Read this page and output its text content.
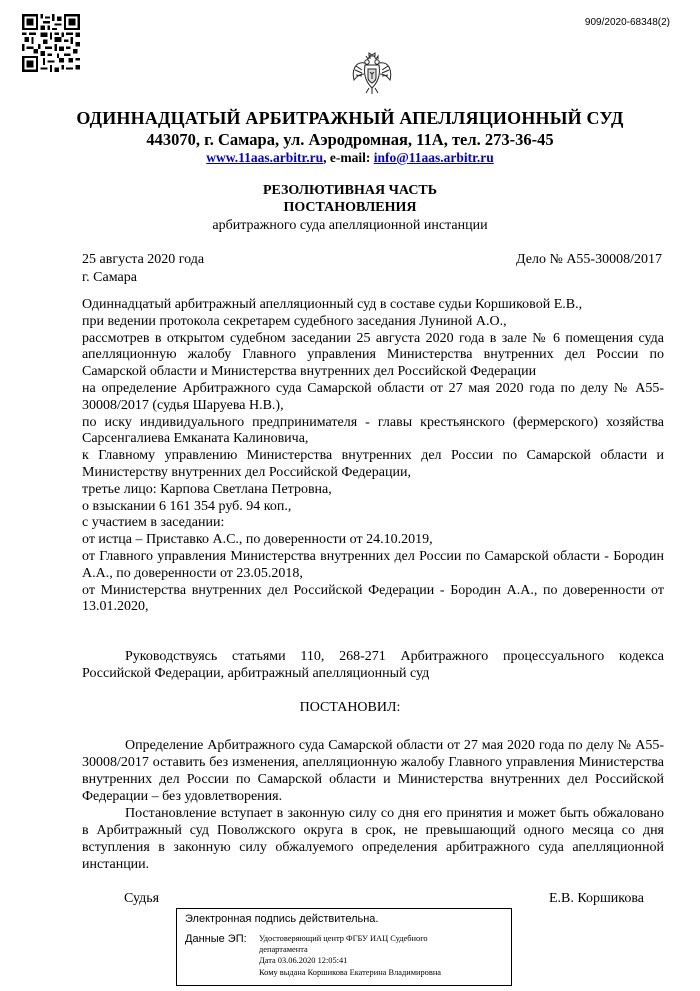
909/2020-68348(2)
ОДИННАДЦАТЫЙ АРБИТРАЖНЫЙ АПЕЛЛЯЦИОННЫЙ СУД
443070, г. Самара, ул. Аэродромная, 11А, тел. 273-36-45
www.11aas.arbitr.ru, e-mail: info@11aas.arbitr.ru
РЕЗОЛЮТИВНАЯ ЧАСТЬ
ПОСТАНОВЛЕНИЯ
арбитражного суда апелляционной инстанции
25 августа 2020 года
г. Самара
Дело № А55-30008/2017

Одиннадцатый арбитражный апелляционный суд в составе судьи Коршиковой Е.В.,

при ведении протокола секретарем судебного заседания Луниной А.О.,

рассмотрев в открытом судебном заседании 25 августа 2020 года в зале № 6 помещения суда апелляционную жалобу Главного управления Министерства внутренних дел России по Самарской области и Министерства внутренних дел Российской Федерации

на определение Арбитражного суда Самарской области от 27 мая 2020 года по делу № А55-30008/2017 (судья Шаруева Н.В.),

по иску индивидуального предпринимателя - главы крестьянского (фермерского) хозяйства Сарсенгалиева Емканата Калиновича,

к Главному управлению Министерства внутренних дел России по Самарской области и Министерству внутренних дел Российской Федерации,

третье лицо: Карпова Светлана Петровна,

о взыскании 6 161 354 руб. 94 коп.,

с участием в заседании:

от истца – Приставко А.С., по доверенности от 24.10.2019,

от Главного управления Министерства внутренних дел России по Самарской области - Бородин А.А., по доверенности от 23.05.2018,

от Министерства внутренних дел Российской Федерации - Бородин А.А., по доверенности от 13.01.2020,

Руководствуясь статьями 110, 268-271 Арбитражного процессуального кодекса Российской Федерации, арбитражный апелляционный суд

ПОСТАНОВИЛ:

Определение Арбитражного суда Самарской области от 27 мая 2020 года по делу № А55-30008/2017 оставить без изменения, апелляционную жалобу Главного управления Министерства внутренних дел России по Самарской области и Министерства внутренних дел Российской Федерации – без удовлетворения.

Постановление вступает в законную силу со дня его принятия и может быть обжаловано в Арбитражный суд Поволжского округа в срок, не превышающий одного месяца со дня вступления в законную силу обжалуемого определения арбитражного суда апелляционной инстанции.

Судья	Е.В. Коршикова
Электронная подпись действительна.
Данные ЭП: Удостоверяющий центр ФГБУ ИАЦ Судебного
департамента
Дата 03.06.2020 12:05:41
Кому выдана Коршикова Екатерина Владимировна
